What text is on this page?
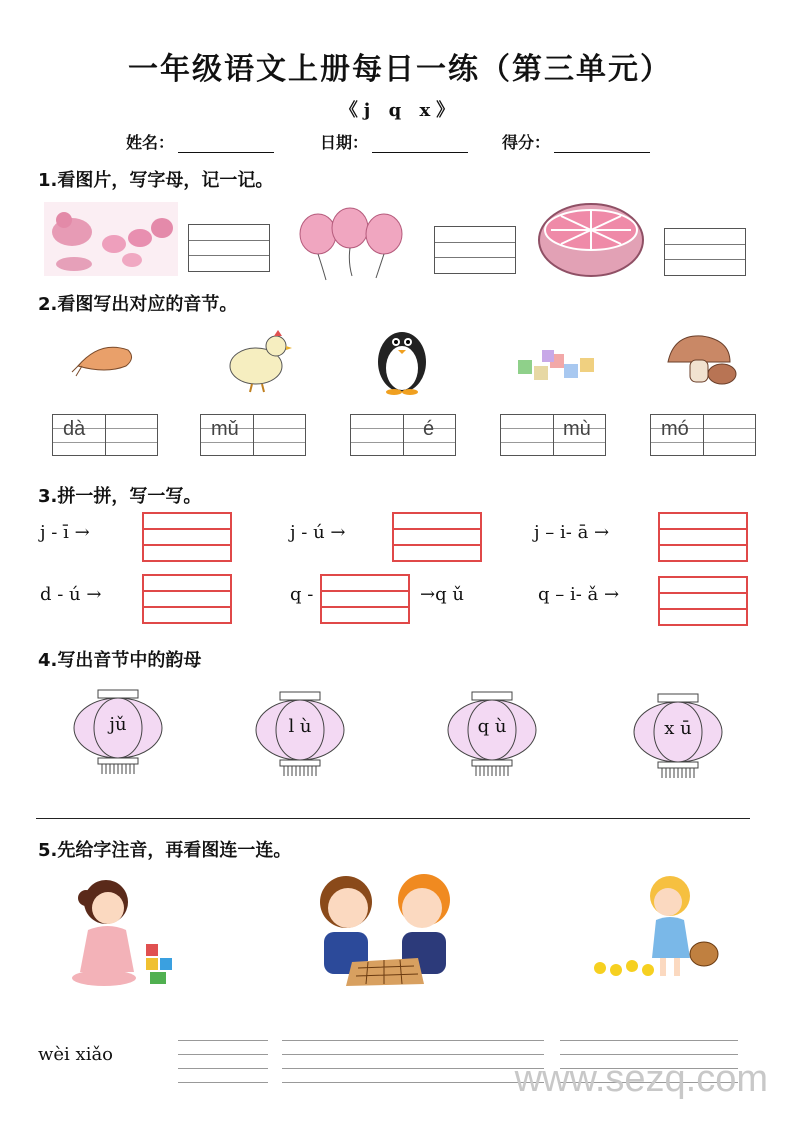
一年级语文上册每日一练（第三单元）
《j q x》
姓名：	日期：	得分：
1.看图片，写字母，记一记。
2.看图写出对应的音节。
dà	mǔ	é	mù	mó
3.拼一拼，写一写。
j - ī →	j - ú →	j – i- ā →
d - ú →	q -	→q ǔ	q – i- ǎ →
4.写出音节中的韵母
jǔ	l ù	q ù	x ū
5.先给字注音，再看图连一连。
wèi xiǎo
www.sezq.com
